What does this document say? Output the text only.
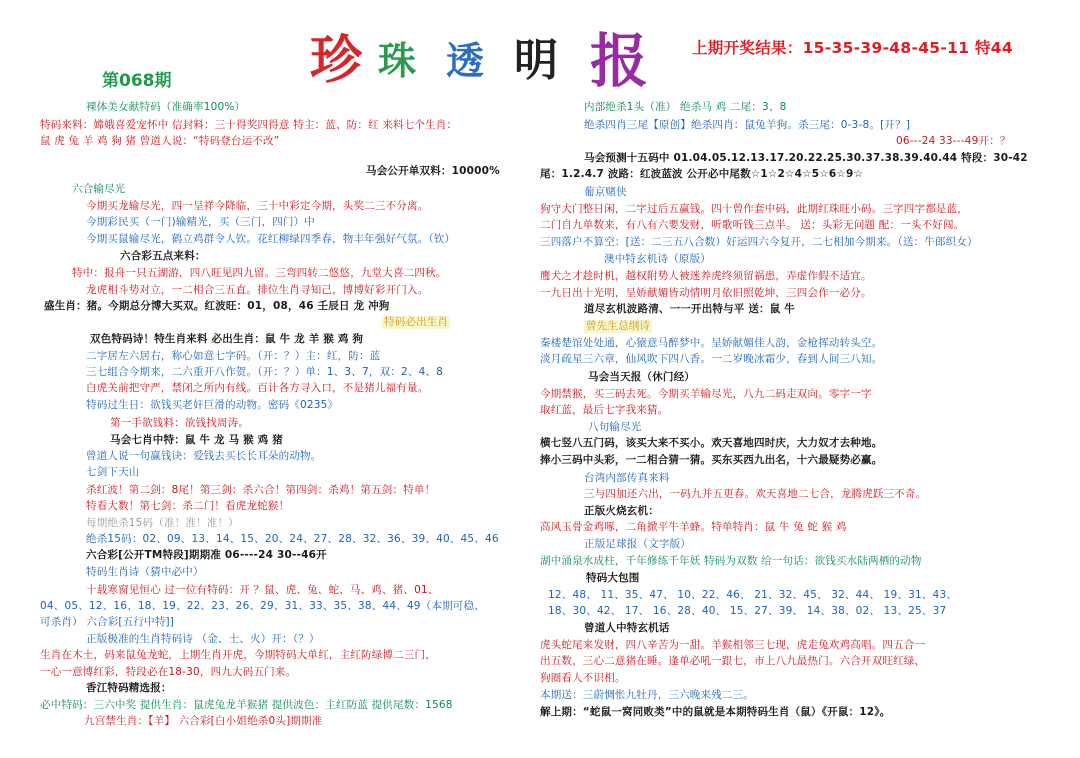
珍 珠 透 明 报
第068期
上期开奖结果：15-35-39-48-45-11 特44
裸体美女献特码（准确率100%）
特码来料：嫦娥喜爱宠怀中 信封料：三十得奖四得意 特主：蓝、防：红 来料七个生肖：
鼠 虎 兔 羊 鸡 狗 猪 曾道人说：“特码登台运不改”
马会公开单双料：10000%
六合输尽光
今期买龙输尽光，四一呈祥今降临，三十中彩定今期，头奖二三不分离。
今期彩民买（一门)输精光，买（三门，四门）中
今期买鼠输尽光，鹤立鸡群令人钦。花红柳绿四季春，物丰年强好气氛。（钦）
六合彩五点来料：
特中：报舟一只五湖游，四八旺见四九留。三弯四转二悠悠，九堂大喜二四秋。
龙虎相斗势对立，一二相合三五直。排位生肖寻知己，博博好彩开门入。
盛生肖：猪。今期总分博大买双。红波旺：01，08，46 壬辰日 龙 冲狗
特码必出生肖
双色特码诗！特生肖来料 必出生肖：鼠 牛 龙 羊 猴 鸡 狗
二字居左六居右，称心如意七字码。（开：？）主：红，防：蓝
三七组合今期来，二六重开八作贺。（开：？）单：1、3、7，双：2、4、8
白虎关前把守严，禁闭之所内有线。百计各方寻入口，不是猪儿福有量。
特码过生日：欲钱买老奸巨滑的动物。密码《0235》
第一手欲钱料：欲钱找周涛。
马会七肖中特：鼠 牛 龙 马 猴 鸡 猪
曾道人说一句赢钱诀：爱钱去买长长耳朵的动物。
七剑下天山
杀红波！第二剑：8尾！第三剑：杀六合！第四剑：杀鸡！第五剑：特单！
特看大数！第七剑：杀二门！看虎龙蛇猴！
每期绝杀15码（准！准！准！）
绝杀15码：02、09、13、14、15、20、24、27、28、32、36、39、40、45、46
六合彩[公开TM特段]期期准 06----24 30--46开
特码生肖诗（猜中必中）
十载寒窗见恒心 过一位有特码：开 ？鼠、虎、兔、蛇、马、鸡、猪、01、
04、05、12、16、18、19、22、23、26、29、31、33、35、38、44、49（本期可稳、
可杀肖） 六合彩[五行中特]]
正版极准的生肖特码诗 （金、土、火）开：（？）
生肖在木土，码来鼠兔龙蛇，上期生肖开虎，今期特码大单红，主红防绿博二三门，
一心一意博红彩，特段必在18-30，四九大码五门来。
香江特码精选报：
必中特码：三六中奖 提供生肖：鼠虎兔龙羊猴猪 提供波色：主红防蓝 提供尾数：1568
九宫禁生肖：【羊】 六合彩[白小姐绝杀0头]期期准
内部绝杀1头（准） 绝杀马 鸡 二尾：3、8
绝杀四肖三尾【原创】绝杀四肖：鼠兔羊狗。杀三尾：0-3-8。[开？]
06---24 33---49开：？
马会预测十五码中 01.04.05.12.13.17.20.22.25.30.37.38.39.40.44 特段：30-42
尾：1.2.4.7 波路：红波蓝波 公开必中尾数☆1☆2☆4☆5☆6☆9☆
葡京赌侠
狗守大门整日闲，二字过后五赢钱。四十曾作套中码，此期红珠旺小码。三字四字都是蓝，
二门自九单数来，有八有六要发财，听歌听钱三点半。 送：头彩无问题 配：一头不好闯。
三四落户不算空：[送：二三五八合数）好运四六今复开，二七相加今期来。（送：牛郎织女）
澳中特玄机诗（原版）
鹰犬之才趁时机，越权附势人被迷养虎终须留祸患，弄虚作假不适宜。
一九日出十光明，呈娇献媚皆动情明月依旧照乾坤，三四会作一必分。
道尽玄机波路清、一一开出特与平 送：鼠 牛
曾先生总纲诗
秦楼楚馆处处通，心猿意马醉梦中。呈娇献媚佳人韵，金枪挥动转头空。
淡月疏星三六章，仙风吹下四八香。一二岁晚冰霜少，春到人间三八知。
马会当天报（休门经）
今期禁猴，买三码去死。今期买羊输尽光，八九二码走双向。零字一字
取红蓝，最后七字我来猜。
八句输尽光
横七竖八五门码，该买大来不买小。欢天喜地四时庆，大力奴才去种地。
捧小三码中头彩，一二相合猜一猜。买东买西九出名，十六最疑势必赢。
台湾内部传真来料
三与四加还六出，一码九并五更春。欢天喜地二七合，龙腾虎跃三不奇。
正版火烧玄机：
高风玉骨金鸡啄，二角掀平牛羊蜂。特单特肖：鼠 牛 兔 蛇 猴 鸡
正版足球报（文字版）
湖中涌泉水成柱，千年修练千年妖 特码为双数 给一句话：欲钱买水陆两栖的动物
特码大包围
12、48、 11、35、47、 10、22、46、 21、32、45、 32、44、 19、31、43、
18、30、42、 17、 16、28、40、 15、27、39、 14、38、02、 13、25、37
曾道人中特玄机话
虎头蛇尾来发财，四八辛苦为一甜。羊猴相邻三七现，虎走兔欢鸡高唱。四五合一
出五数，三心二意猪在睡。逢单必吼一跟七，市上八九最热门。六合开双旺红绿，
狗圈看人不识相。
本期送：三蔚惆怅九牡丹，三六晚来残二三。
解上期：“蛇鼠一窝同败类”中的鼠就是本期特码生肖（鼠）《开鼠：12》。
